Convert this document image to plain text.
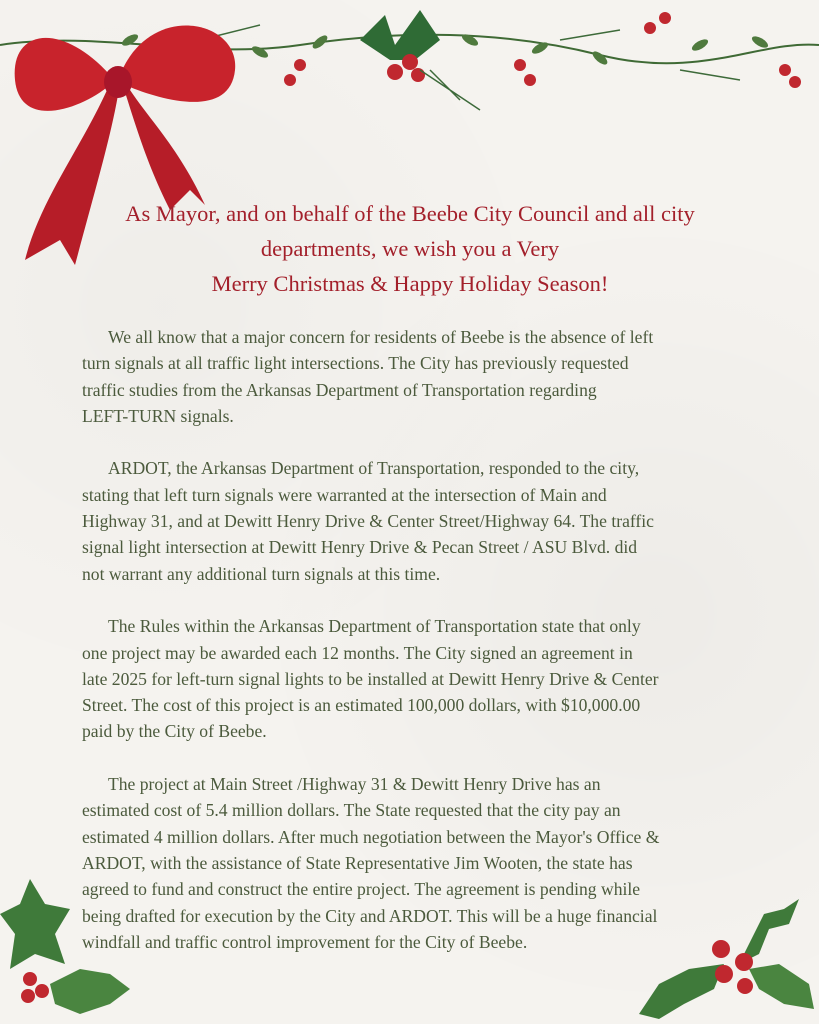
As Mayor, and on behalf of the Beebe City Council and all city
departments, we wish you a Very
Merry Christmas & Happy Holiday Season!
We all know that a major concern for residents of Beebe is the absence of left
turn signals at all traffic light intersections. The City has previously requested
traffic studies from the Arkansas Department of Transportation regarding
LEFT-TURN signals.
ARDOT, the Arkansas Department of Transportation, responded to the city,
stating that left turn signals were warranted at the intersection of Main and
Highway 31, and at Dewitt Henry Drive & Center Street/Highway 64. The traffic
signal light intersection at Dewitt Henry Drive & Pecan Street / ASU Blvd. did
not warrant any additional turn signals at this time.
The Rules within the Arkansas Department of Transportation state that only
one project may be awarded each 12 months. The City signed an agreement in
late 2025 for left-turn signal lights to be installed at Dewitt Henry Drive & Center
Street. The cost of this project is an estimated 100,000 dollars, with $10,000.00
paid by the City of Beebe.
The project at Main Street /Highway 31 & Dewitt Henry Drive has an
estimated cost of 5.4 million dollars. The State requested that the city pay an
estimated 4 million dollars. After much negotiation between the Mayor's Office &
ARDOT, with the assistance of State Representative Jim Wooten, the state has
agreed to fund and construct the entire project. The agreement is pending while
being drafted for execution by the City and ARDOT. This will be a huge financial
windfall and traffic control improvement for the City of Beebe.
